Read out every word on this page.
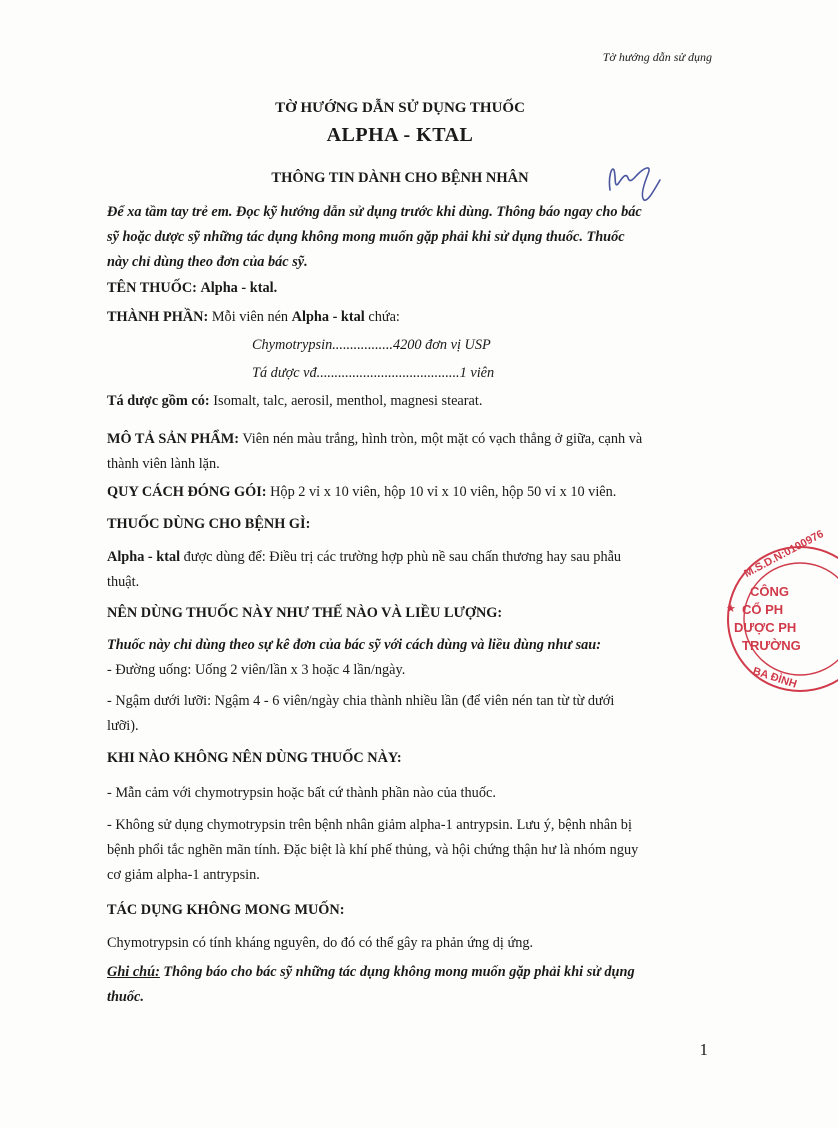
Tờ hướng dẫn sử dụng
TỜ HƯỚNG DẪN SỬ DỤNG THUỐC
ALPHA - KTAL
THÔNG TIN DÀNH CHO BỆNH NHÂN
Để xa tầm tay trẻ em. Đọc kỹ hướng dẫn sử dụng trước khi dùng. Thông báo ngay cho bác
sỹ hoặc dược sỹ những tác dụng không mong muốn gặp phải khi sử dụng thuốc. Thuốc
này chỉ dùng theo đơn của bác sỹ.
TÊN THUỐC: Alpha - ktal.
THÀNH PHẦN: Mỗi viên nén Alpha - ktal chứa:
Chymotrypsin.................4200 đơn vị USP
Tá dược vđ........................................1 viên
Tá dược gồm có: Isomalt, talc, aerosil, menthol, magnesi stearat.
MÔ TẢ SẢN PHẨM: Viên nén màu trắng, hình tròn, một mặt có vạch thẳng ở giữa, cạnh và
thành viên lành lặn.
QUY CÁCH ĐÓNG GÓI: Hộp 2 vỉ x 10 viên, hộp 10 vỉ x 10 viên, hộp 50 vỉ x 10 viên.
THUỐC DÙNG CHO BỆNH GÌ:
Alpha - ktal được dùng để: Điều trị các trường hợp phù nề sau chấn thương hay sau phẫu
thuật.
NÊN DÙNG THUỐC NÀY NHƯ THẾ NÀO VÀ LIỀU LƯỢNG:
Thuốc này chỉ dùng theo sự kê đơn của bác sỹ với cách dùng và liều dùng như sau:
- Đường uống: Uống 2 viên/lần x 3 hoặc 4 lần/ngày.
- Ngậm dưới lưỡi: Ngậm 4 - 6 viên/ngày chia thành nhiều lần (để viên nén tan từ từ dưới
lưỡi).
KHI NÀO KHÔNG NÊN DÙNG THUỐC NÀY:
- Mẫn cảm với chymotrypsin hoặc bất cứ thành phần nào của thuốc.
- Không sử dụng chymotrypsin trên bệnh nhân giảm alpha-1 antrypsin. Lưu ý, bệnh nhân bị
bệnh phổi tắc nghẽn mãn tính. Đặc biệt là khí phế thủng, và hội chứng thận hư là nhóm nguy
cơ giảm alpha-1 antrypsin.
TÁC DỤNG KHÔNG MONG MUỐN:
Chymotrypsin có tính kháng nguyên, do đó có thể gây ra phản ứng dị ứng.
Ghi chú: Thông báo cho bác sỹ những tác dụng không mong muốn gặp phải khi sử dụng
thuốc.
1
★
M.S.D.N:0100976
CÔNG
CỔ PH
DƯỢC PH
TRƯỜNG
BA ĐÌNH
